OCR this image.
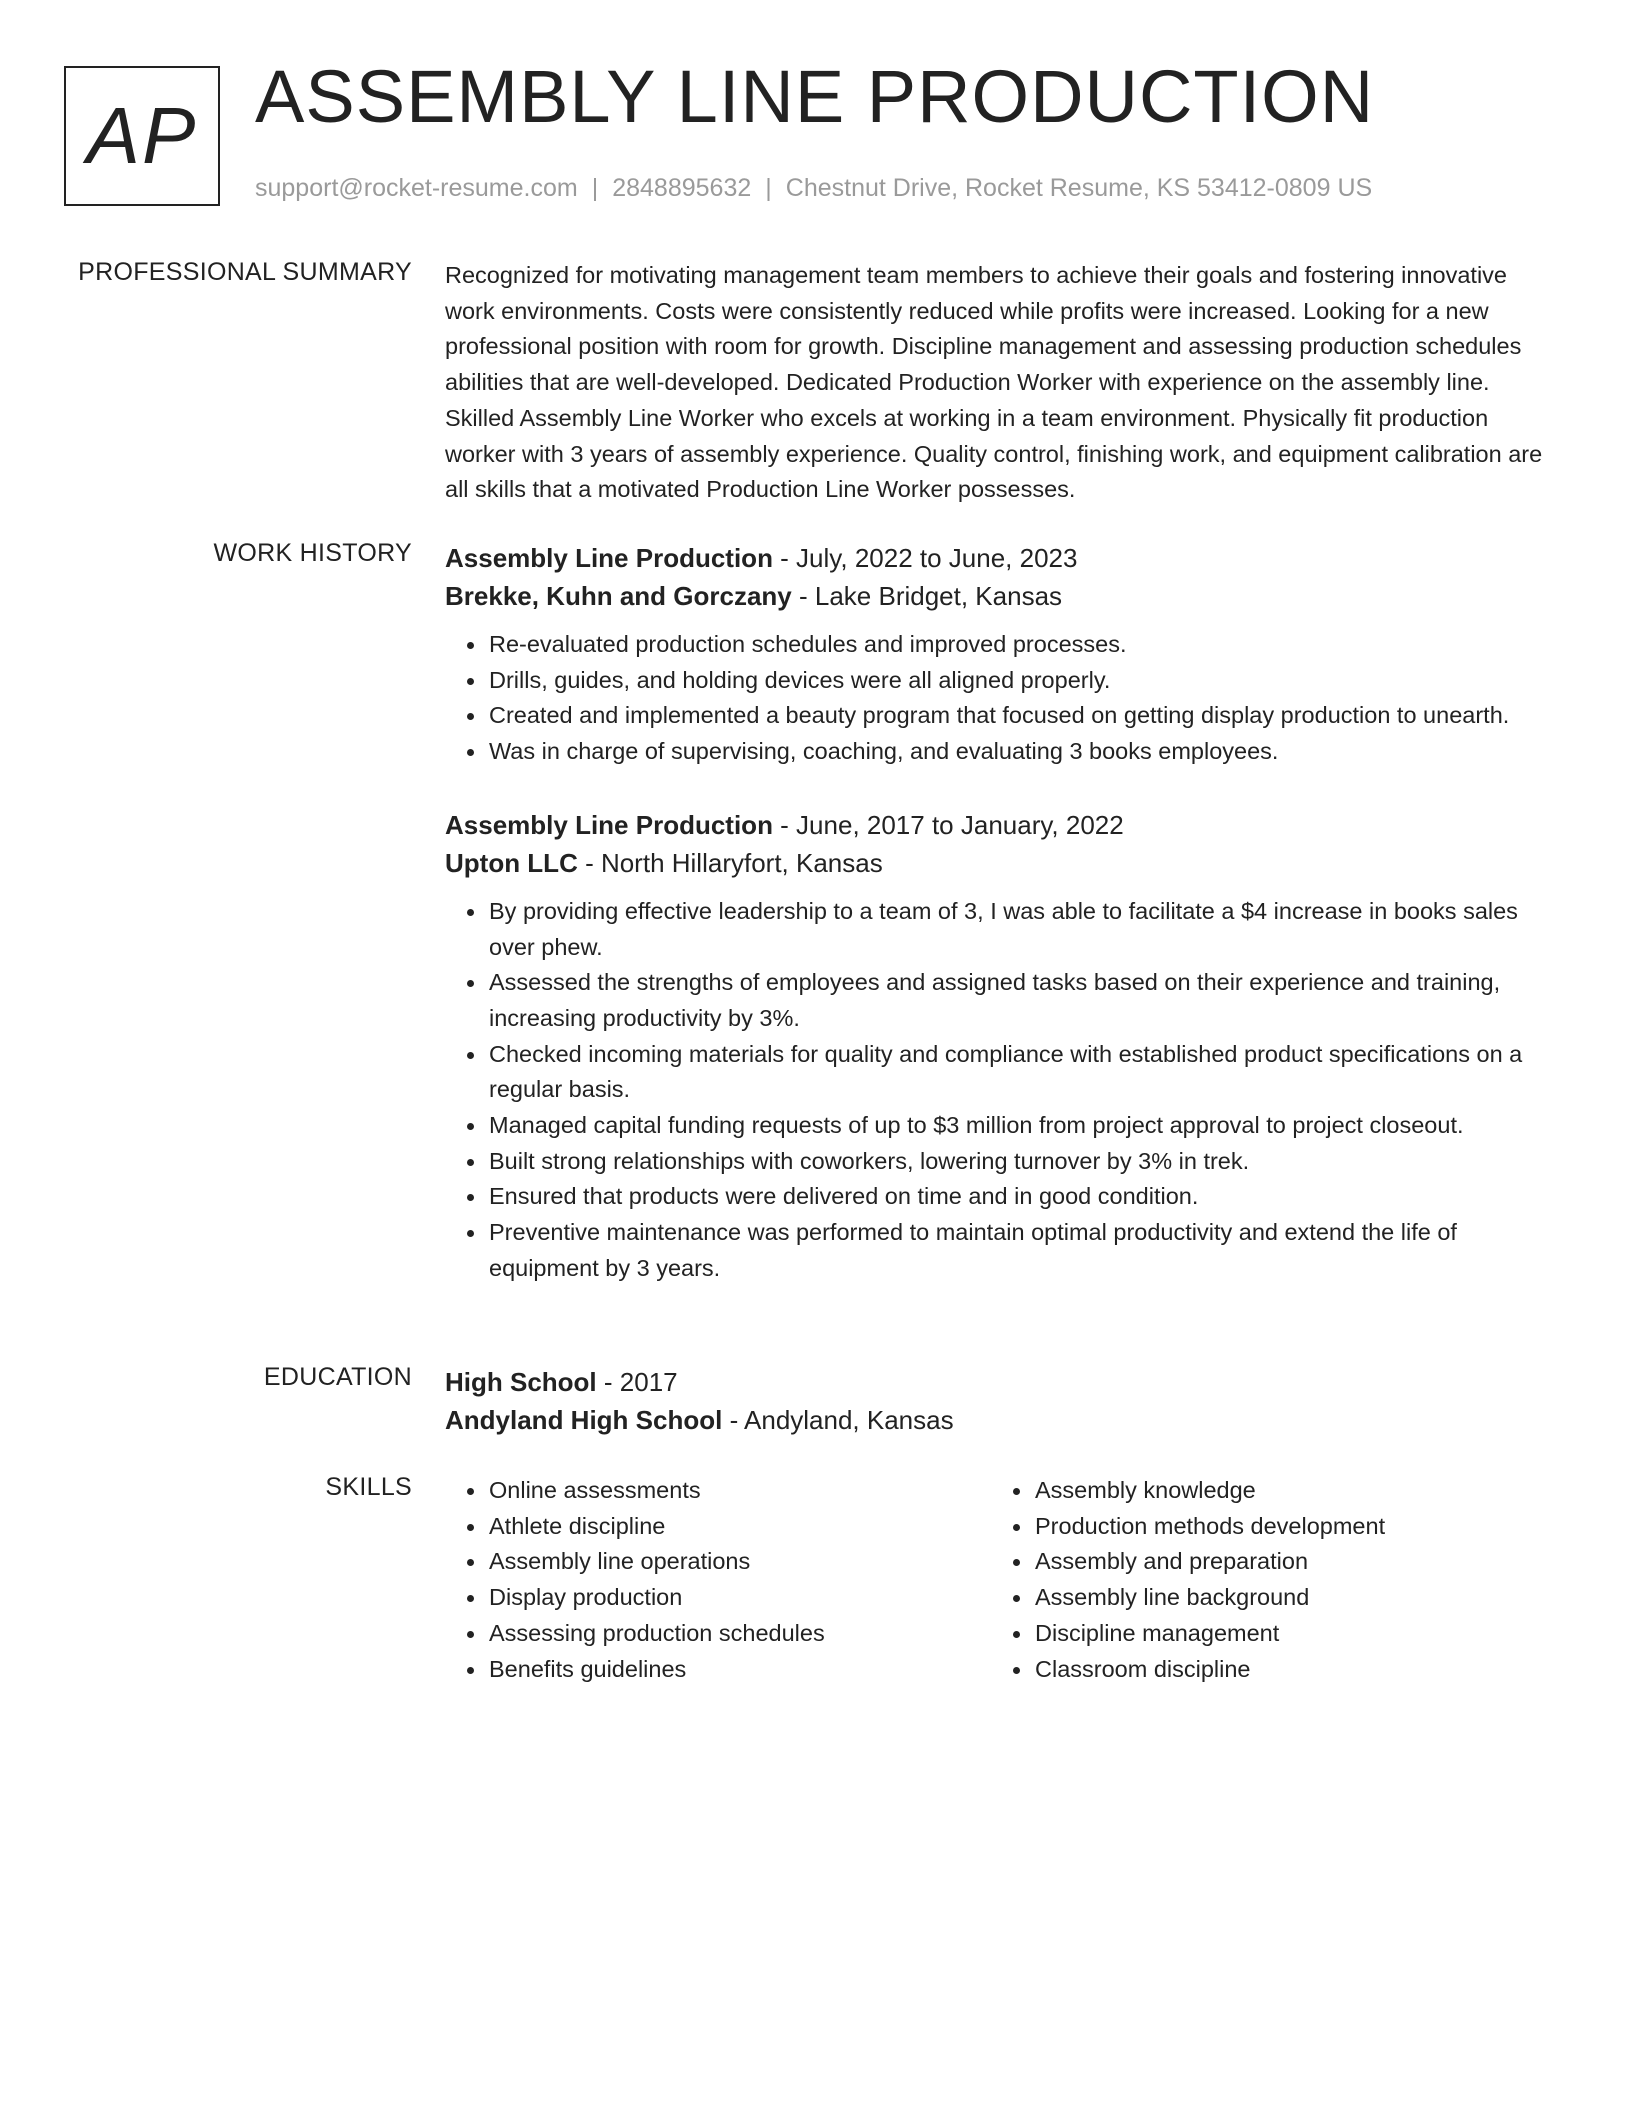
AP ASSEMBLY LINE PRODUCTION
support@rocket-resume.com | 2848895632 | Chestnut Drive, Rocket Resume, KS 53412-0809 US
PROFESSIONAL SUMMARY Recognized for motivating management team members to achieve their goals and fostering innovative work environments. Costs were consistently reduced while profits were increased. Looking for a new professional position with room for growth. Discipline management and assessing production schedules abilities that are well-developed. Dedicated Production Worker with experience on the assembly line. Skilled Assembly Line Worker who excels at working in a team environment. Physically fit production worker with 3 years of assembly experience. Quality control, finishing work, and equipment calibration are all skills that a motivated Production Line Worker possesses.

WORK HISTORY Assembly Line Production - July, 2022 to June, 2023

Brekke, Kuhn and Gorczany - Lake Bridget, Kansas

Re-evaluated production schedules and improved processes.
Drills, guides, and holding devices were all aligned properly.
Created and implemented a beauty program that focused on getting display production to unearth.
Was in charge of supervising, coaching, and evaluating 3 books employees.

Assembly Line Production - June, 2017 to January, 2022

Upton LLC - North Hillaryfort, Kansas

By providing effective leadership to a team of 3, I was able to facilitate a $4 increase in books sales over phew.
Assessed the strengths of employees and assigned tasks based on their experience and training, increasing productivity by 3%.
Checked incoming materials for quality and compliance with established product specifications on a regular basis.
Managed capital funding requests of up to $3 million from project approval to project closeout.
Built strong relationships with coworkers, lowering turnover by 3% in trek.
Ensured that products were delivered on time and in good condition.
Preventive maintenance was performed to maintain optimal productivity and extend the life of equipment by 3 years.
EDUCATION High School - 2017

Andyland High School - Andyland, Kansas

SKILLS	Online assessments
Athlete discipline
Assembly line operations
Display production
Assessing production schedules
Benefits guidelines
Assembly knowledge
Production methods development
Assembly and preparation
Assembly line background
Discipline management
Classroom discipline
